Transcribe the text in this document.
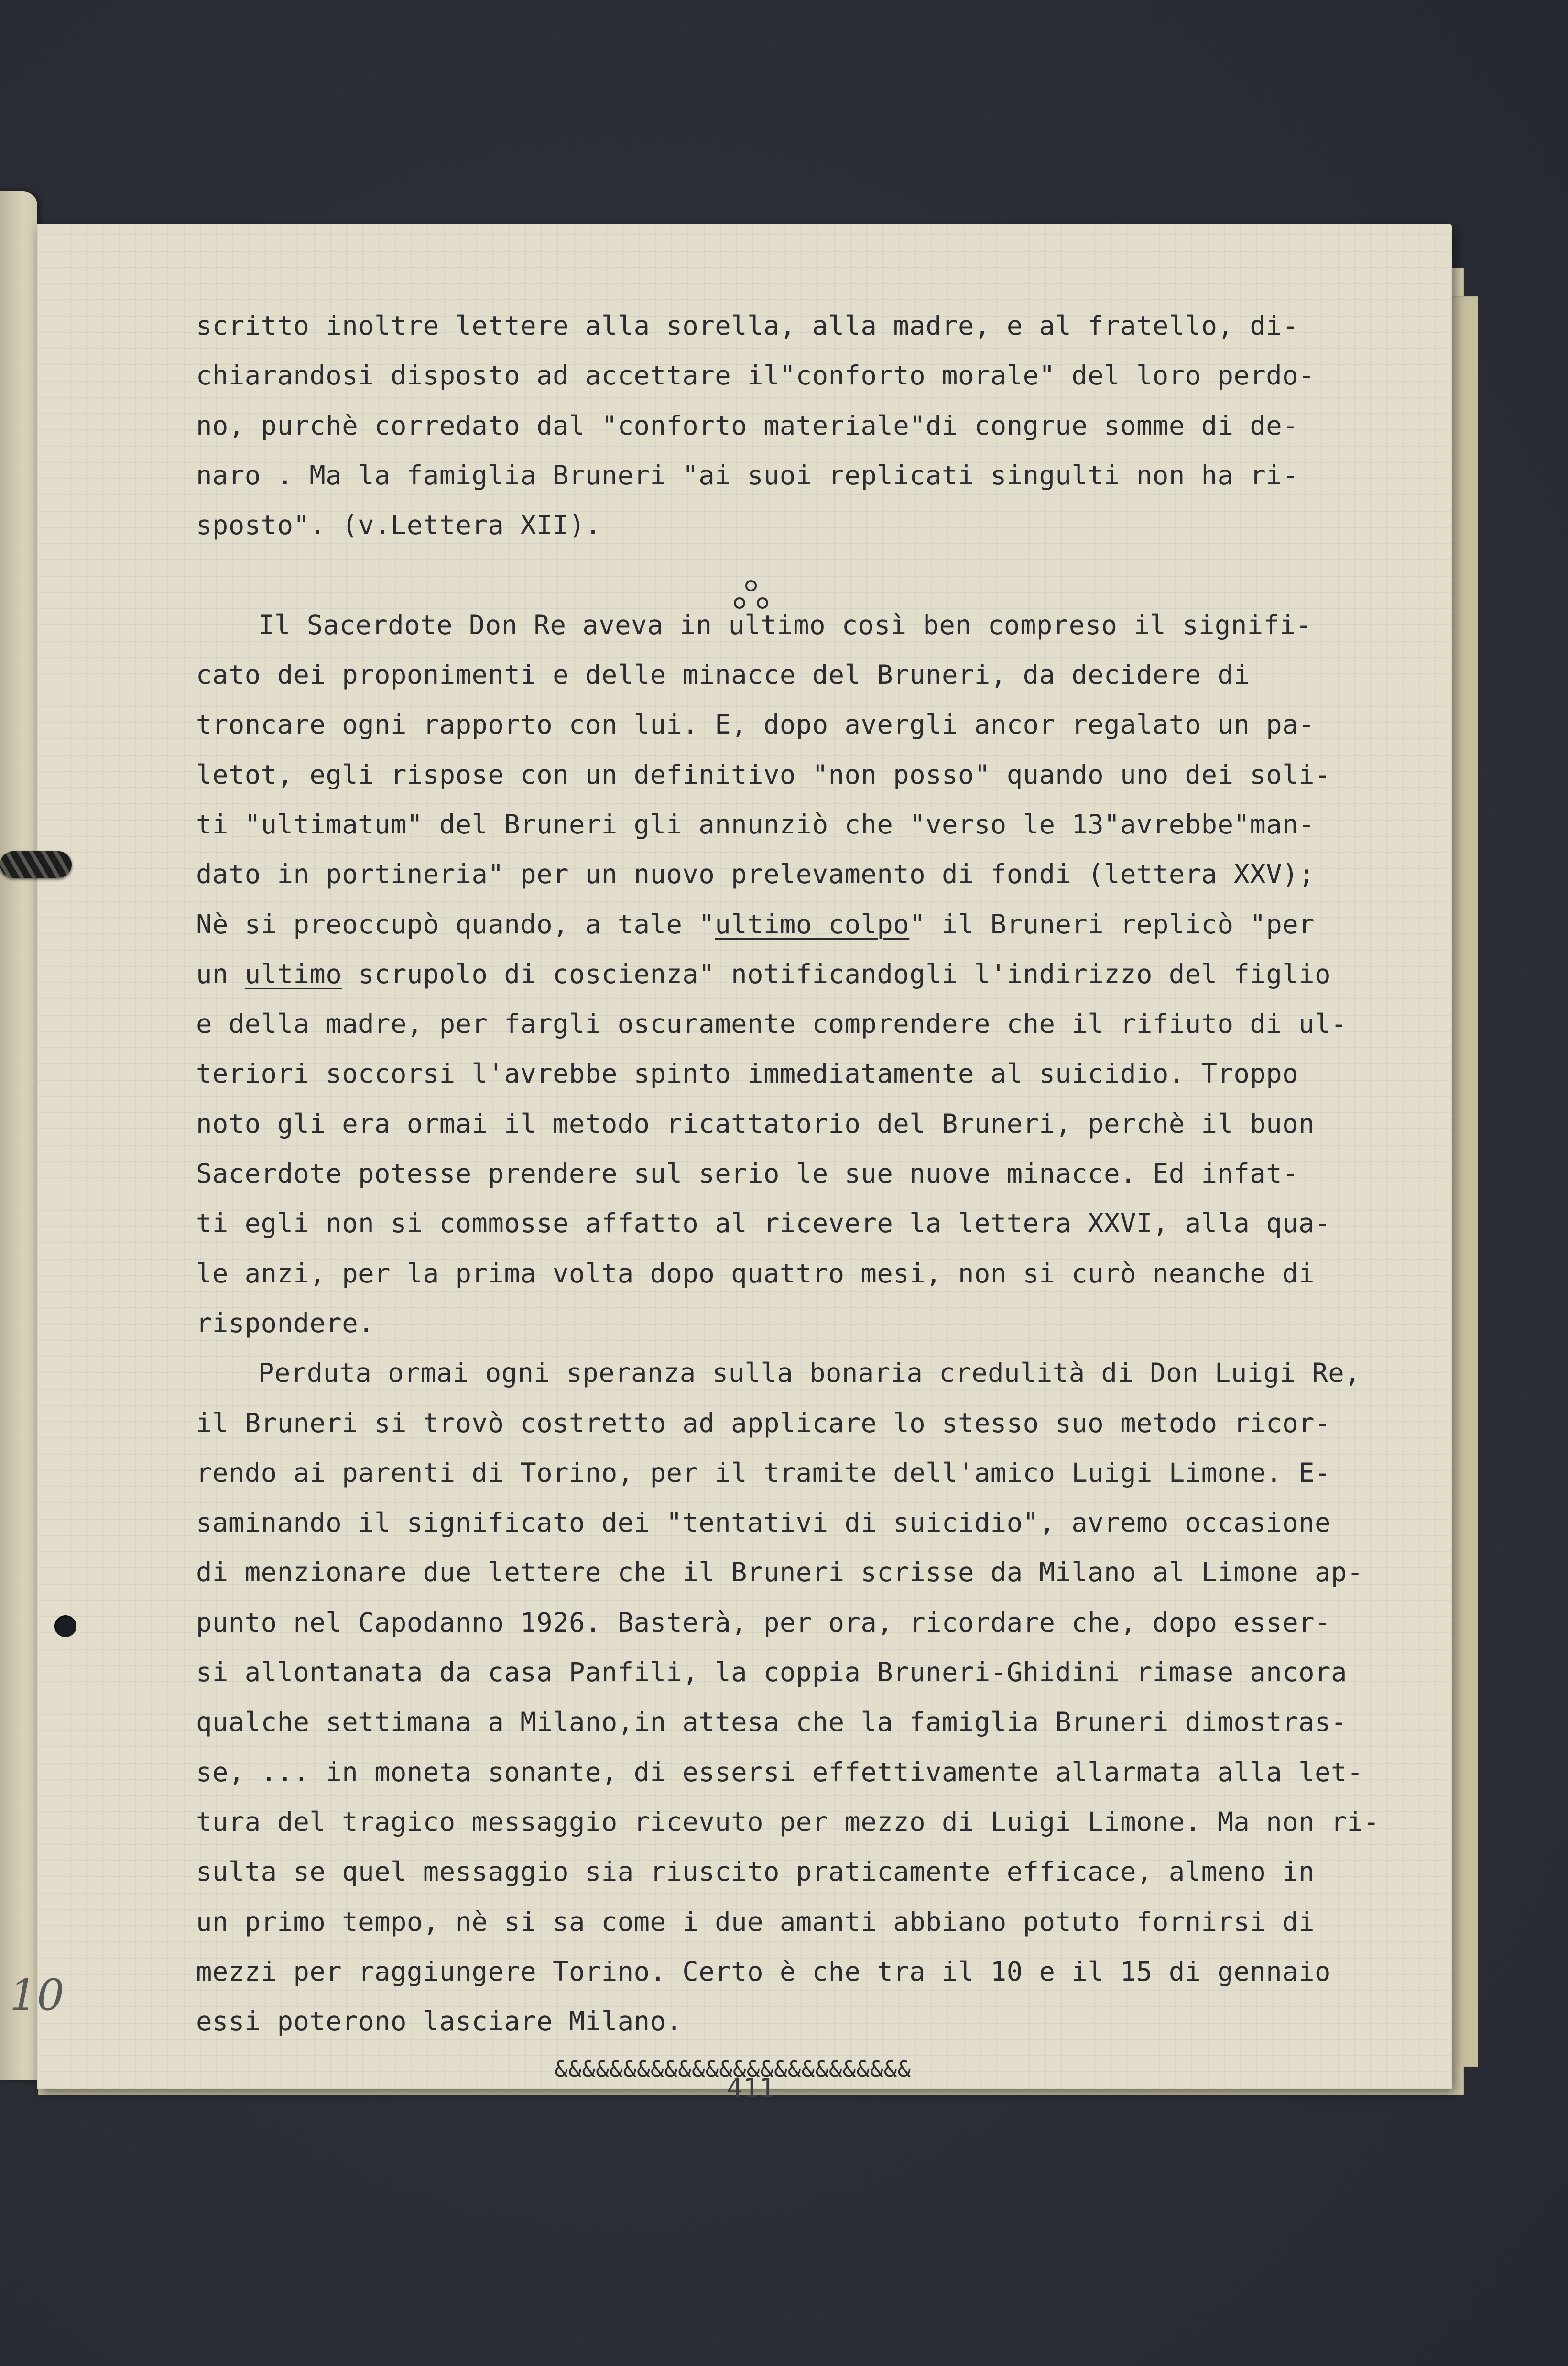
scritto inoltre lettere alla sorella, alla madre, e al fratello, di-
chiarandosi disposto ad accettare il"conforto morale" del loro perdo-
no, purchè corredato dal "conforto materiale"di congrue somme di de-
naro . Ma la famiglia Bruneri "ai suoi replicati singulti non ha ri-
sposto". (v.Lettera XII).
Il Sacerdote Don Re aveva in ultimo così ben compreso il signifi-
cato dei proponimenti e delle minacce del Bruneri, da decidere di
troncare ogni rapporto con lui. E, dopo avergli ancor regalato un pa-
letot, egli rispose con un definitivo "non posso" quando uno dei soli-
ti "ultimatum" del Bruneri gli annunziò che "verso le 13"avrebbe"man-
dato in portineria" per un nuovo prelevamento di fondi (lettera XXV);
Nè si preoccupò quando, a tale "ultimo colpo" il Bruneri replicò "per
un ultimo scrupolo di coscienza" notificandogli l'indirizzo del figlio
e della madre, per fargli oscuramente comprendere che il rifiuto di ul-
teriori soccorsi l'avrebbe spinto immediatamente al suicidio. Troppo
noto gli era ormai il metodo ricattatorio del Bruneri, perchè il buon
Sacerdote potesse prendere sul serio le sue nuove minacce. Ed infat-
ti egli non si commosse affatto al ricevere la lettera XXVI, alla qua-
le anzi, per la prima volta dopo quattro mesi, non si curò neanche di
rispondere.
Perduta ormai ogni speranza sulla bonaria credulità di Don Luigi Re,
il Bruneri si trovò costretto ad applicare lo stesso suo metodo ricor-
rendo ai parenti di Torino, per il tramite dell'amico Luigi Limone. E-
saminando il significato dei "tentativi di suicidio", avremo occasione
di menzionare due lettere che il Bruneri scrisse da Milano al Limone ap-
punto nel Capodanno 1926. Basterà, per ora, ricordare che, dopo esser-
si allontanata da casa Panfili, la coppia Bruneri-Ghidini rimase ancora
qualche settimana a Milano,in attesa che la famiglia Bruneri dimostras-
se, ... in moneta sonante, di essersi effettivamente allarmata alla let-
tura del tragico messaggio ricevuto per mezzo di Luigi Limone. Ma non ri-
sulta se quel messaggio sia riuscito praticamente efficace, almeno in
un primo tempo, nè si sa come i due amanti abbiano potuto fornirsi di
mezzi per raggiungere Torino. Certo è che tra il 10 e il 15 di gennaio
essi poterono lasciare Milano.
10
&&&&&&&&&&&&&&&&&&&&&&&&&&
411
